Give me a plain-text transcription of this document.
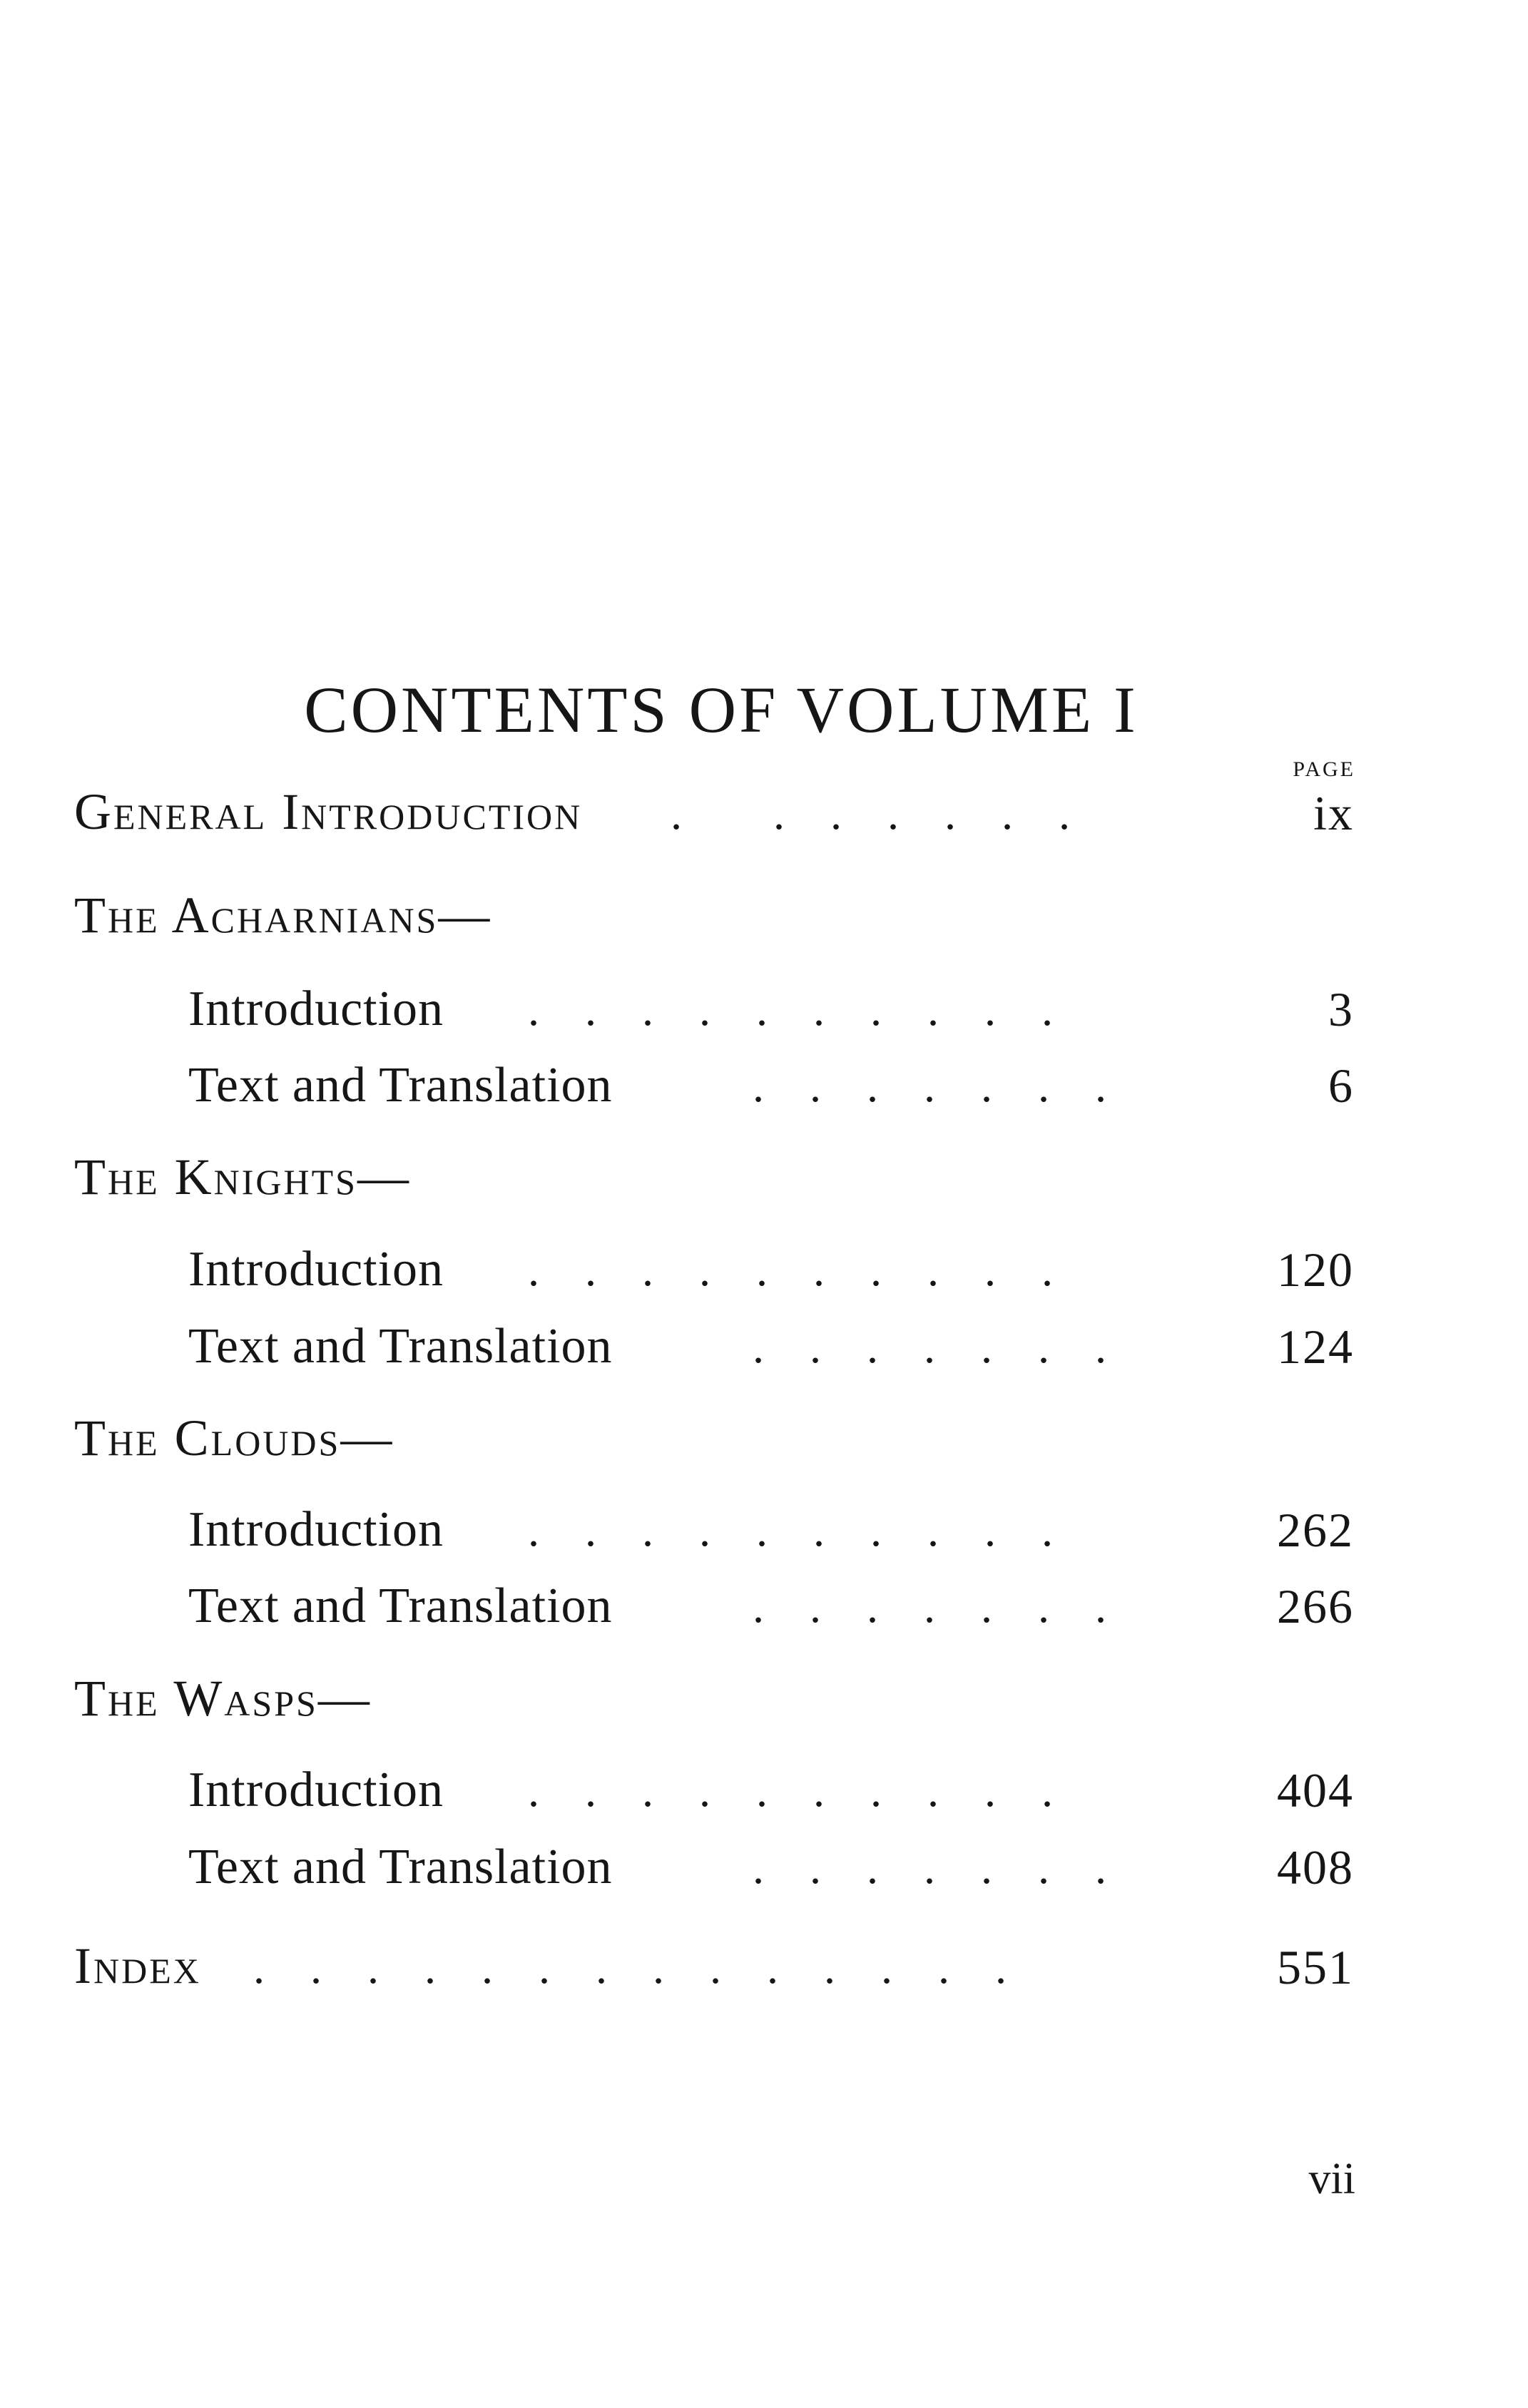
CONTENTS OF VOLUME I
PAGE
General Introduction .  . . . . . .	ix
The Acharnians—
Introduction . . . . . . . . . .	3
Text and Translation	. . . . . . .	6
The Knights—
Introduction . . . . . . . . . .	120
Text and Translation	. . . . . . .	124
The Clouds—
Introduction . . . . . . . . . .	262
Text and Translation	. . . . . . .	266
The Wasps—
Introduction . . . . . . . . . .	404
Text and Translation	. . . . . . .	408
Index . . . . . . . . . . . . . .	551
vii
